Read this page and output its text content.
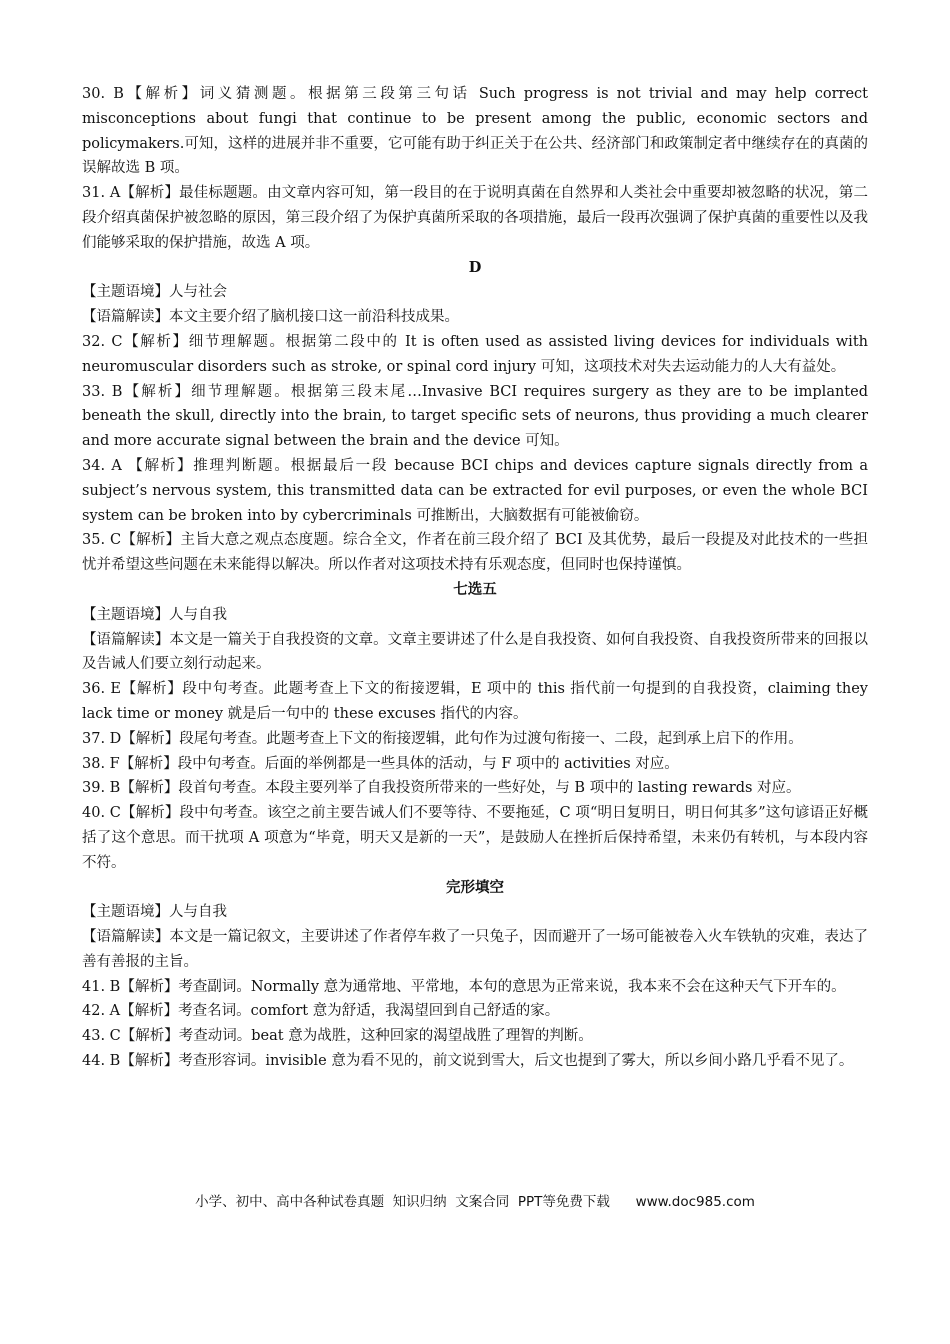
30. B【解析】词义猜测题。根据第三段第三句话 Such progress is not trivial and may help correct misconceptions about fungi that continue to be present among the public, economic sectors and policymakers.可知，这样的进展并非不重要，它可能有助于纠正关于在公共、经济部门和政策制定者中继续存在的真菌的误解故选 B 项。

31. A【解析】最佳标题题。由文章内容可知，第一段目的在于说明真菌在自然界和人类社会中重要却被忽略的状况，第二段介绍真菌保护被忽略的原因，第三段介绍了为保护真菌所采取的各项措施，最后一段再次强调了保护真菌的重要性以及我们能够采取的保护措施，故选 A 项。

D

【主题语境】人与社会

【语篇解读】本文主要介绍了脑机接口这一前沿科技成果。

32. C【解析】细节理解题。根据第二段中的 It is often used as assisted living devices for individuals with neuromuscular disorders such as stroke, or spinal cord injury 可知，这项技术对失去运动能力的人大有益处。

33. B【解析】细节理解题。根据第三段末尾…Invasive BCI requires surgery as they are to be implanted beneath the skull, directly into the brain, to target specific sets of neurons, thus providing a much clearer and more accurate signal between the brain and the device 可知。

34. A 【解析】推理判断题。根据最后一段 because BCI chips and devices capture signals directly from a subject’s nervous system, this transmitted data can be extracted for evil purposes, or even the whole BCI system can be broken into by cybercriminals 可推断出，大脑数据有可能被偷窃。

35. C【解析】主旨大意之观点态度题。综合全文，作者在前三段介绍了 BCI 及其优势，最后一段提及对此技术的一些担忧并希望这些问题在未来能得以解决。所以作者对这项技术持有乐观态度，但同时也保持谨慎。

七选五

【主题语境】人与自我

【语篇解读】本文是一篇关于自我投资的文章。文章主要讲述了什么是自我投资、如何自我投资、自我投资所带来的回报以及告诫人们要立刻行动起来。

36. E【解析】段中句考查。此题考查上下文的衔接逻辑，E 项中的 this 指代前一句提到的自我投资，claiming they lack time or money 就是后一句中的 these excuses 指代的内容。

37. D【解析】段尾句考查。此题考查上下文的衔接逻辑，此句作为过渡句衔接一、二段，起到承上启下的作用。

38. F【解析】段中句考查。后面的举例都是一些具体的活动，与 F 项中的 activities 对应。

39. B【解析】段首句考查。本段主要列举了自我投资所带来的一些好处，与 B 项中的 lasting rewards 对应。

40. C【解析】段中句考查。该空之前主要告诫人们不要等待、不要拖延，C 项“明日复明日，明日何其多”这句谚语正好概括了这个意思。而干扰项 A 项意为“毕竟，明天又是新的一天”，是鼓励人在挫折后保持希望，未来仍有转机，与本段内容不符。

完形填空

【主题语境】人与自我

【语篇解读】本文是一篇记叙文，主要讲述了作者停车救了一只兔子，因而避开了一场可能被卷入火车铁轨的灾难，表达了善有善报的主旨。

41. B【解析】考查副词。Normally 意为通常地、平常地，本句的意思为正常来说，我本来不会在这种天气下开车的。

42. A【解析】考查名词。comfort 意为舒适，我渴望回到自己舒适的家。

43. C【解析】考查动词。beat 意为战胜，这种回家的渴望战胜了理智的判断。

44. B【解析】考查形容词。invisible 意为看不见的，前文说到雪大，后文也提到了雾大，所以乡间小路几乎看不见了。

小学、初中、高中各种试卷真题  知识归纳  文案合同  PPT等免费下载      www.doc985.com
